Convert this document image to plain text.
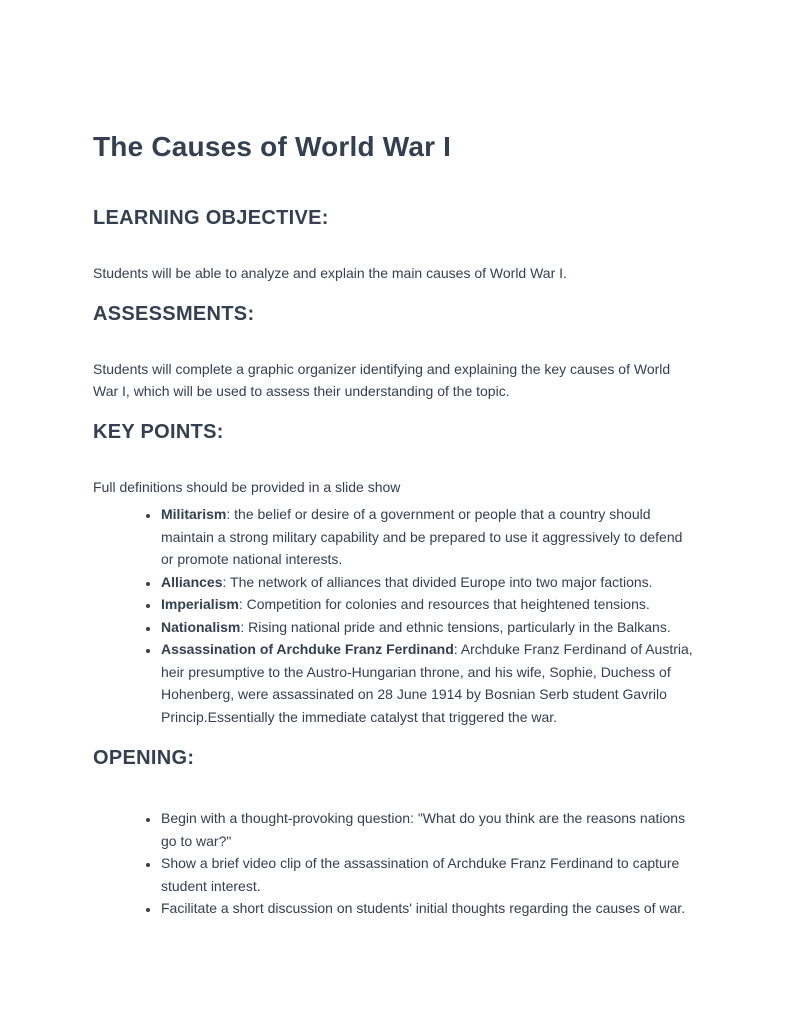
The Causes of World War I
LEARNING OBJECTIVE:

Students will be able to analyze and explain the main causes of World War I.

ASSESSMENTS:

Students will complete a graphic organizer identifying and explaining the key causes of World War I, which will be used to assess their understanding of the topic.

KEY POINTS:

Full definitions should be provided in a slide show

• Militarism: the belief or desire of a government or people that a country should maintain a strong military capability and be prepared to use it aggressively to defend or promote national interests.
• Alliances: The network of alliances that divided Europe into two major factions.
• Imperialism: Competition for colonies and resources that heightened tensions.
• Nationalism: Rising national pride and ethnic tensions, particularly in the Balkans.
• Assassination of Archduke Franz Ferdinand: Archduke Franz Ferdinand of Austria, heir presumptive to the Austro-Hungarian throne, and his wife, Sophie, Duchess of Hohenberg, were assassinated on 28 June 1914 by Bosnian Serb student Gavrilo Princip.Essentially the immediate catalyst that triggered the war.
OPENING:
• Begin with a thought-provoking question: "What do you think are the reasons nations go to war?"
• Show a brief video clip of the assassination of Archduke Franz Ferdinand to capture student interest.
• Facilitate a short discussion on students' initial thoughts regarding the causes of war.
